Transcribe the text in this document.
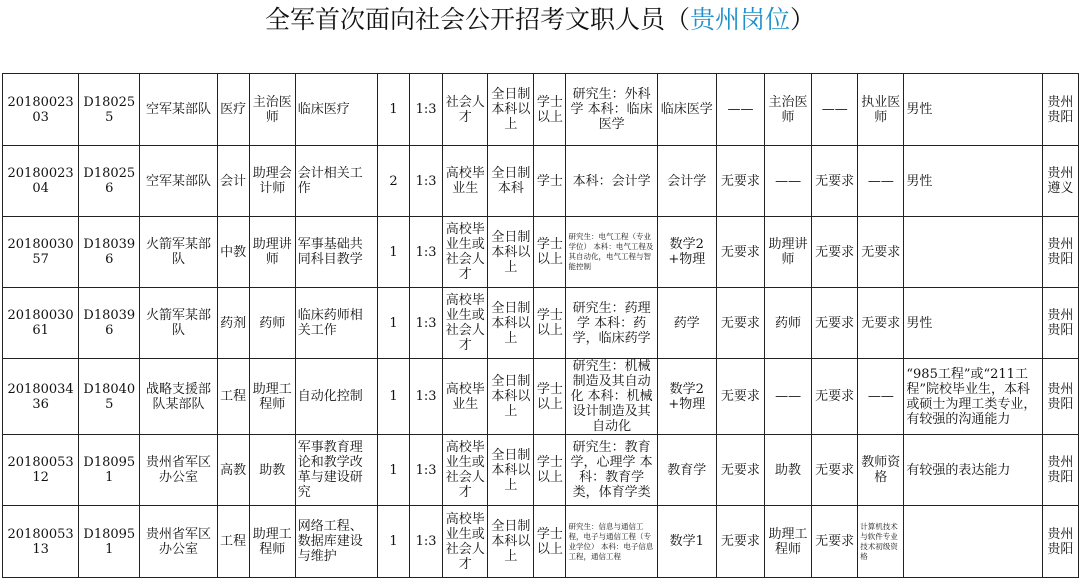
全军首次面向社会公开招考文职人员（贵州岗位）
2018002303	D180255	空军某部队	医疗	主治医师	临床医疗	1	1:3	社会人才	全日制本科以上	学士以上	研究生：外科学 本科：临床医学	临床医学	——	主治医师	——	执业医师	男性	贵州贵阳
2018002304	D180256	空军某部队	会计	助理会计师	会计相关工作	2	1:3	高校毕业生	全日制本科	学士	本科：会计学	会计学	无要求	——	无要求	——	男性	贵州遵义
2018003057	D180396	火箭军某部队	中教	助理讲师	军事基础共同科目教学	1	1:3	高校毕业生或社会人才	全日制本科以上	学士以上	研究生：电气工程（专业学位） 本科：电气工程及其自动化，电气工程与智能控制	数学2+物理	无要求	助理讲师	无要求	无要求		贵州贵阳
2018003061	D180396	火箭军某部队	药剂	药师	临床药师相关工作	1	1:3	高校毕业生或社会人才	全日制本科以上	学士以上	研究生：药理学 本科：药学，临床药学	药学	无要求	药师	无要求	无要求	男性	贵州贵阳
2018003436	D180405	战略支援部队某部队	工程	助理工程师	自动化控制	1	1:3	高校毕业生	全日制本科以上	学士以上	研究生：机械制造及其自动化 本科：机械设计制造及其自动化	数学2+物理	无要求	——	无要求	——	“985工程”或“211工程”院校毕业生，本科或硕士为理工类专业，有较强的沟通能力	贵州贵阳
2018005312	D180951	贵州省军区办公室	高教	助教	军事教育理论和教学改革与建设研究	1	1:3	高校毕业生或社会人才	全日制本科以上	学士以上	研究生：教育学，心理学 本科：教育学类，体育学类	教育学	无要求	助教	无要求	教师资格	有较强的表达能力	贵州贵阳
2018005313	D180951	贵州省军区办公室	工程	助理工程师	网络工程、数据库建设与维护	1	1:3	高校毕业生或社会人才	全日制本科以上	学士以上	研究生：信息与通信工程，电子与通信工程（专业学位） 本科：电子信息工程，通信工程	数学1	无要求	助理工程师	无要求	计算机技术与软件专业技术初级资格		贵州贵阳
